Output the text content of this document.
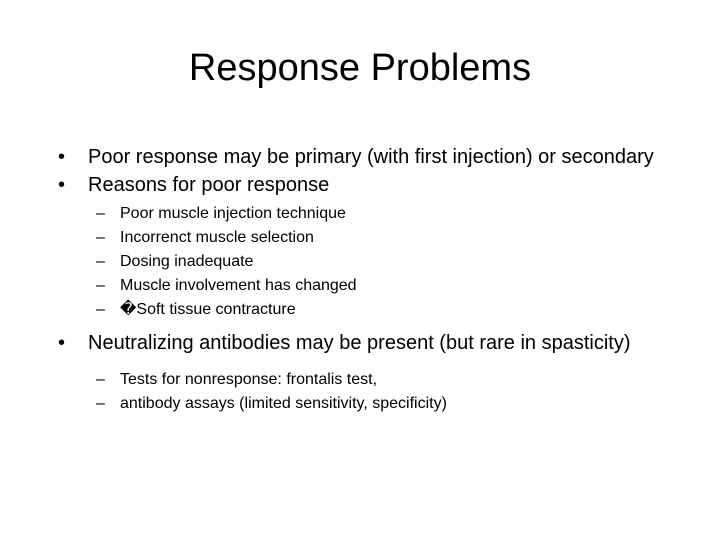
Response Problems
•	Poor response may be primary (with first injection) or secondary
•	Reasons for poor response
– Poor muscle injection technique
– Incorrenct muscle selection
– Dosing inadequate
– Muscle involvement has changed
– �Soft tissue contracture
•	Neutralizing antibodies may be present (but rare in spasticity)
– Tests for nonresponse: frontalis test,
– antibody assays (limited sensitivity, specificity)
